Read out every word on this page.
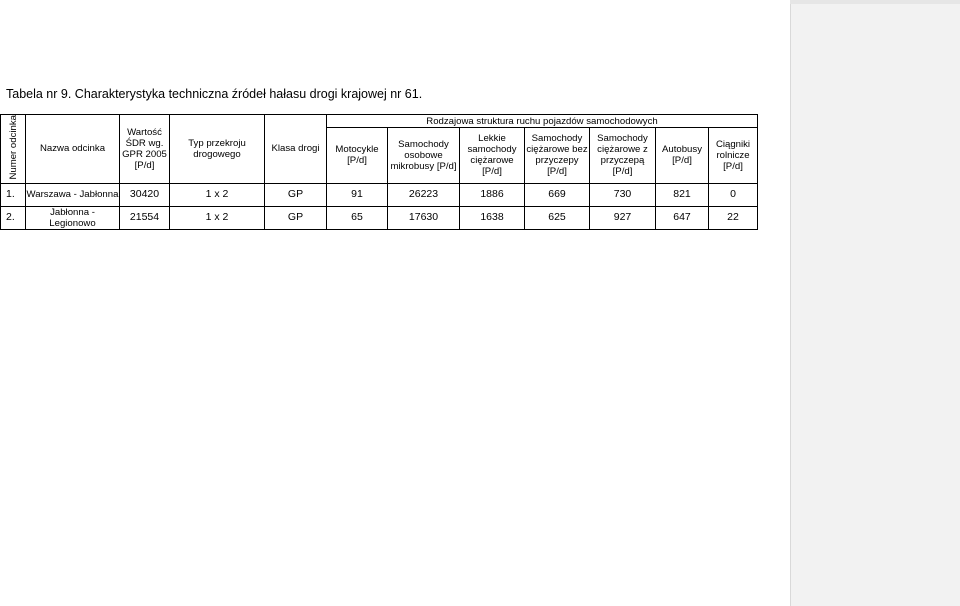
Tabela nr 9. Charakterystyka techniczna źródeł hałasu drogi krajowej nr 61.
Numer odcinka	Nazwa odcinka	Wartość ŚDR wg. GPR 2005 [P/d]	Typ przekroju drogowego	Klasa drogi	Rodzajowa struktura ruchu pojazdów samochodowych						
					Motocykle [P/d]	Samochody osobowe mikrobusy [P/d]	Lekkie samochody ciężarowe [P/d]	Samochody ciężarowe bez przyczepy [P/d]	Samochody ciężarowe z przyczepą [P/d]	Autobusy [P/d]	Ciągniki rolnicze [P/d]
1.	Warszawa - Jabłonna	30420	1 x 2	GP	91	26223	1886	669	730	821	0
2.	Jabłonna - Legionowo	21554	1 x 2	GP	65	17630	1638	625	927	647	22
